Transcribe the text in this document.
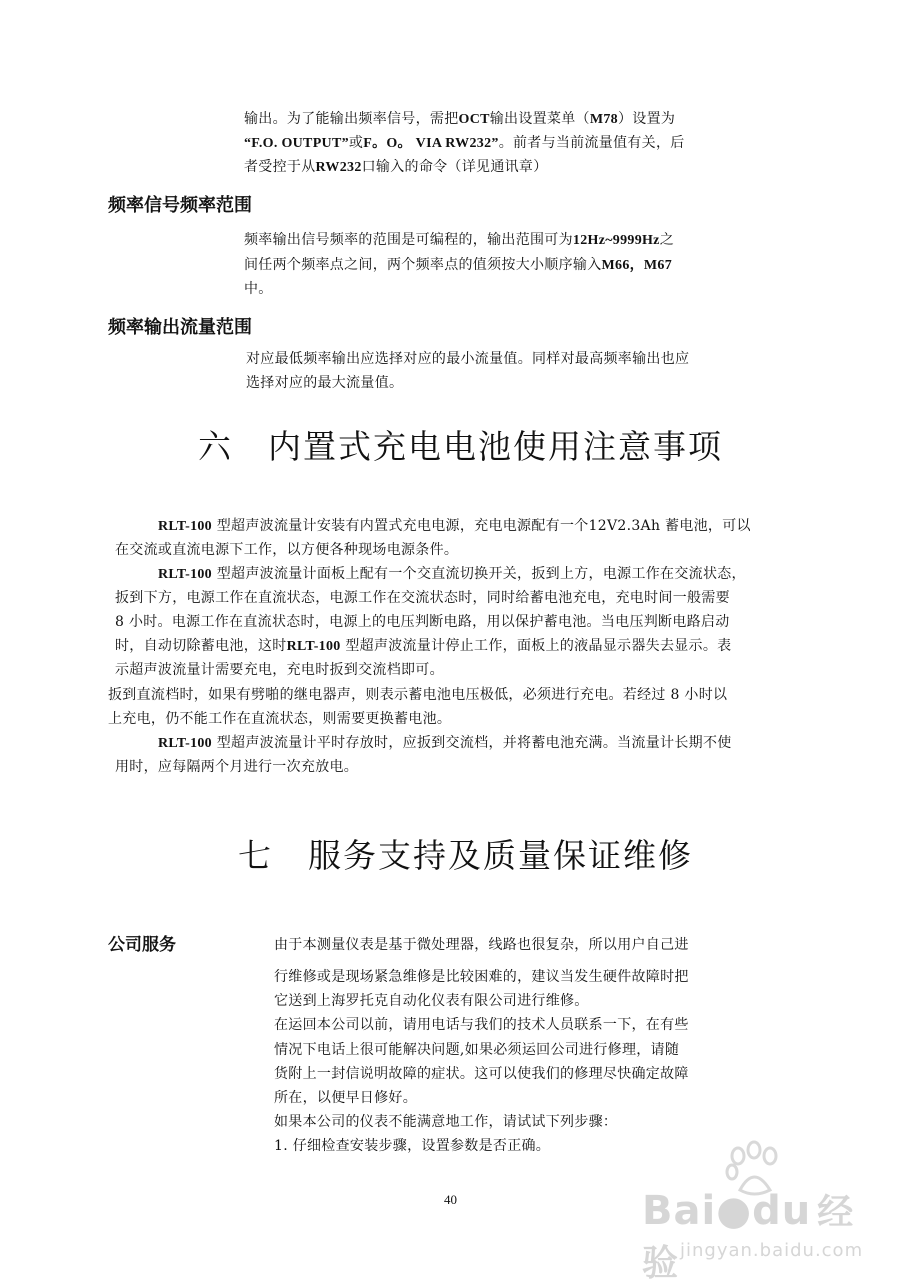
输出。为了能输出频率信号，需把OCT输出设置菜单（M78）设置为
“F.O. OUTPUT”或F。O。 VIA RW232”。前者与当前流量值有关，后
者受控于从RW232口输入的命令（详见通讯章）
频率信号频率范围
频率输出信号频率的范围是可编程的，输出范围可为12Hz~9999Hz之
间任两个频率点之间，两个频率点的值须按大小顺序输入M66，M67
中。
频率输出流量范围
对应最低频率输出应选择对应的最小流量值。同样对最高频率输出也应
选择对应的最大流量值。
六　内置式充电电池使用注意事项
RLT-100 型超声波流量计安装有内置式充电电源，充电电源配有一个12V2.3Ah 蓄电池，可以
在交流或直流电源下工作，以方便各种现场电源条件。
RLT-100 型超声波流量计面板上配有一个交直流切换开关，扳到上方，电源工作在交流状态，
扳到下方，电源工作在直流状态，电源工作在交流状态时，同时给蓄电池充电，充电时间一般需要
8 小时。电源工作在直流状态时，电源上的电压判断电路，用以保护蓄电池。当电压判断电路启动
时，自动切除蓄电池，这时RLT-100 型超声波流量计停止工作，面板上的液晶显示器失去显示。表
示超声波流量计需要充电，充电时扳到交流档即可。
扳到直流档时，如果有劈啪的继电器声，则表示蓄电池电压极低，必须进行充电。若经过 8 小时以
上充电，仍不能工作在直流状态，则需要更换蓄电池。
RLT-100 型超声波流量计平时存放时，应扳到交流档，并将蓄电池充满。当流量计长期不使
用时，应每隔两个月进行一次充放电。
七　服务支持及质量保证维修
公司服务	由于本测量仪表是基于微处理器，线路也很复杂，所以用户自己进
行维修或是现场紧急维修是比较困难的，建议当发生硬件故障时把
它送到上海罗托克自动化仪表有限公司进行维修。
在运回本公司以前，请用电话与我们的技术人员联系一下，在有些
情况下电话上很可能解决问题,如果必须运回公司进行修理，请随
货附上一封信说明故障的症状。这可以使我们的修理尽快确定故障
所在，以便早日修好。
如果本公司的仪表不能满意地工作，请试试下列步骤：
1. 仔细检查安装步骤，设置参数是否正确。
40	Bai●du 经验 jingyan.baidu.com
